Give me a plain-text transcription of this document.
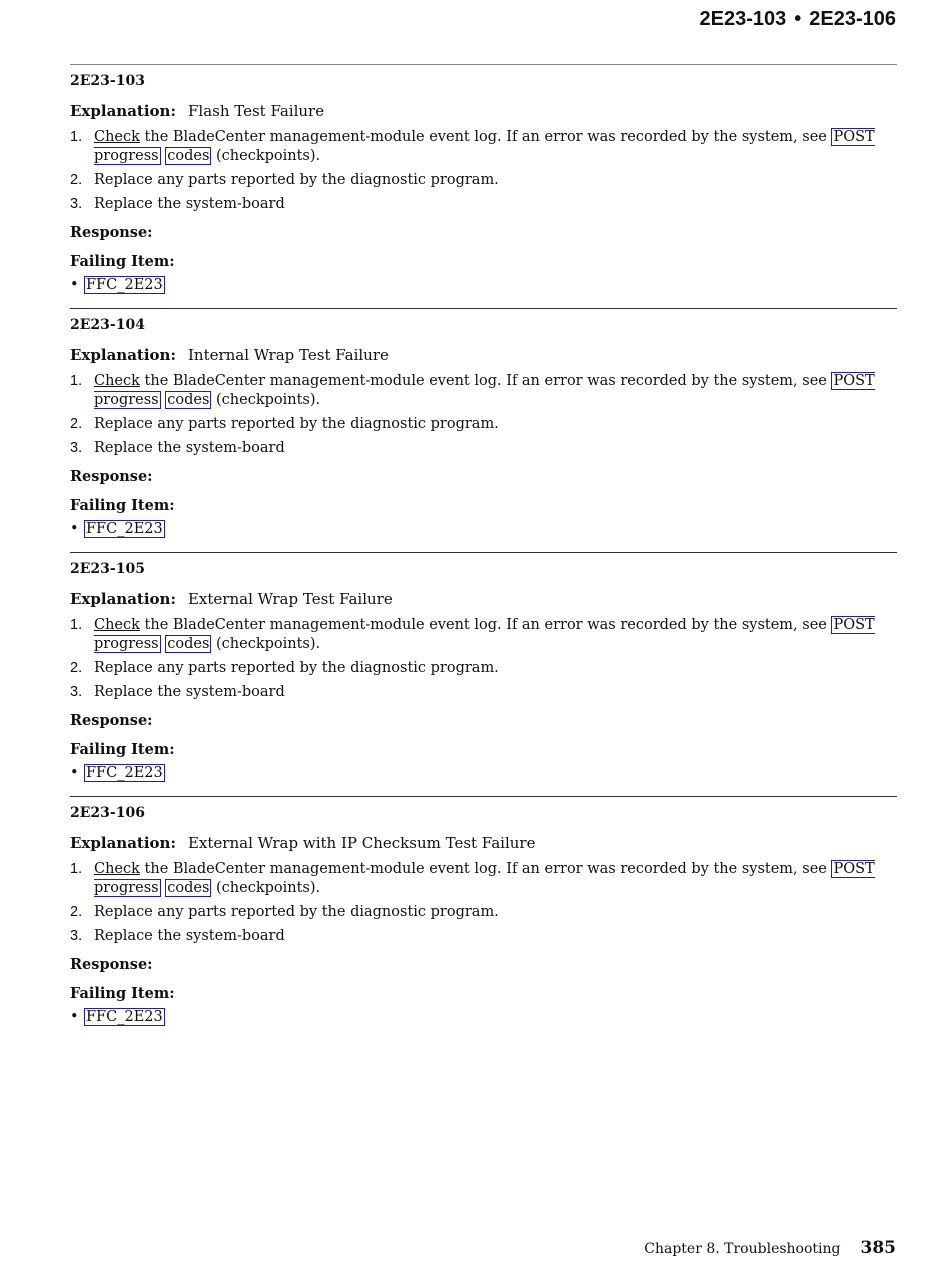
2E23-103 • 2E23-106
2E23-103
Explanation: Flash Test Failure
1. Check the BladeCenter management-module event log. If an error was recorded by the system, see POST progress codes (checkpoints).
2. Replace any parts reported by the diagnostic program.
3. Replace the system-board
Response:
Failing Item:
• FFC_2E23
2E23-104
Explanation: Internal Wrap Test Failure
1. Check the BladeCenter management-module event log. If an error was recorded by the system, see POST progress codes (checkpoints).
2. Replace any parts reported by the diagnostic program.
3. Replace the system-board
Response:
Failing Item:
• FFC_2E23
2E23-105
Explanation: External Wrap Test Failure
1. Check the BladeCenter management-module event log. If an error was recorded by the system, see POST progress codes (checkpoints).
2. Replace any parts reported by the diagnostic program.
3. Replace the system-board
Response:
Failing Item:
• FFC_2E23
2E23-106
Explanation: External Wrap with IP Checksum Test Failure
1. Check the BladeCenter management-module event log. If an error was recorded by the system, see POST progress codes (checkpoints).
2. Replace any parts reported by the diagnostic program.
3. Replace the system-board
Response:
Failing Item:
• FFC_2E23
Chapter 8. Troubleshooting 385
